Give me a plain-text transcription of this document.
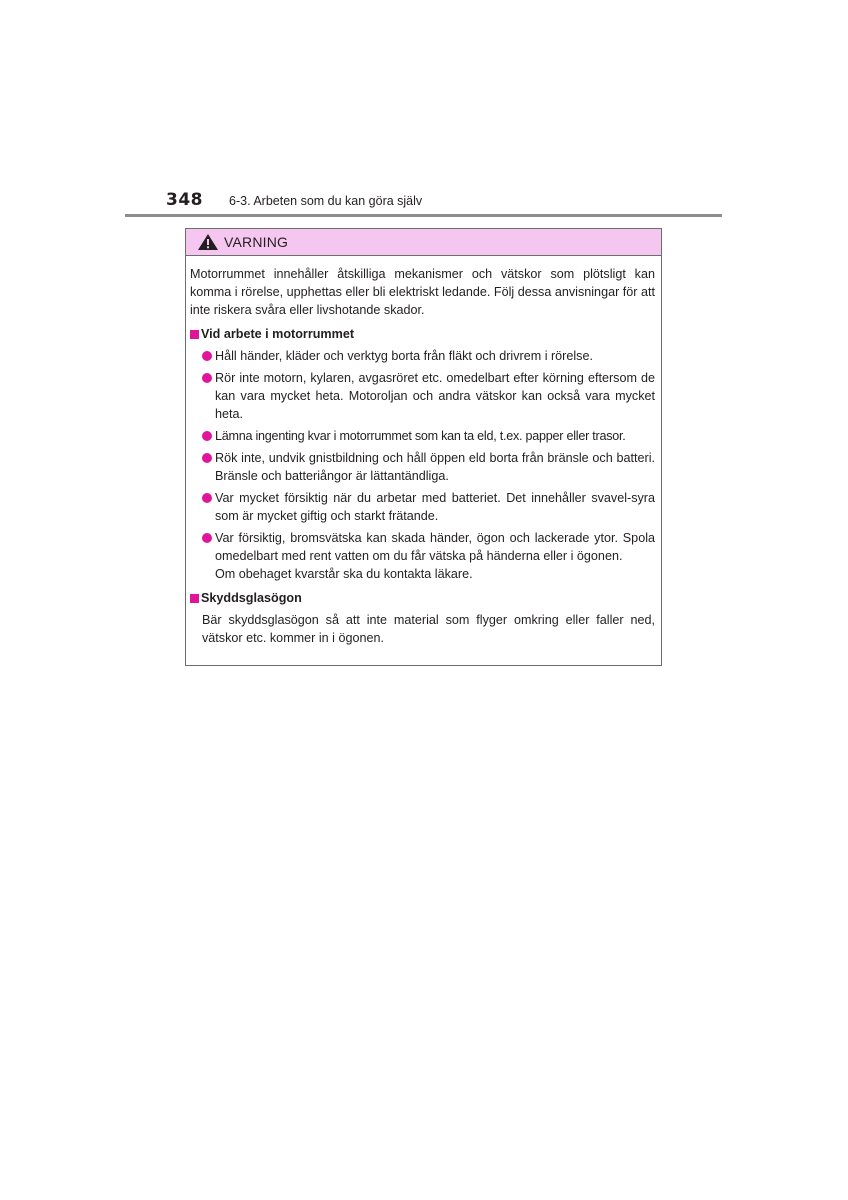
348 6-3. Arbeten som du kan göra själv
VARNING

Motorrummet innehåller åtskilliga mekanismer och vätskor som plötsligt kan komma i rörelse, upphettas eller bli elektriskt ledande. Följ dessa anvisningar för att inte riskera svåra eller livshotande skador.

Vid arbete i motorrummet
Håll händer, kläder och verktyg borta från fläkt och drivrem i rörelse.
Rör inte motorn, kylaren, avgasröret etc. omedelbart efter körning eftersom de kan vara mycket heta. Motoroljan och andra vätskor kan också vara mycket heta.
Lämna ingenting kvar i motorrummet som kan ta eld, t.ex. papper eller trasor.
Rök inte, undvik gnistbildning och håll öppen eld borta från bränsle och batteri. Bränsle och batteriångor är lättantändliga.
Var mycket försiktig när du arbetar med batteriet. Det innehåller svavel-syra som är mycket giftig och starkt frätande.
Var försiktig, bromsvätska kan skada händer, ögon och lackerade ytor. Spola omedelbart med rent vatten om du får vätska på händerna eller i ögonen.
Om obehaget kvarstår ska du kontakta läkare.
Skyddsglasögon

Bär skyddsglasögon så att inte material som flyger omkring eller faller ned, vätskor etc. kommer in i ögonen.
